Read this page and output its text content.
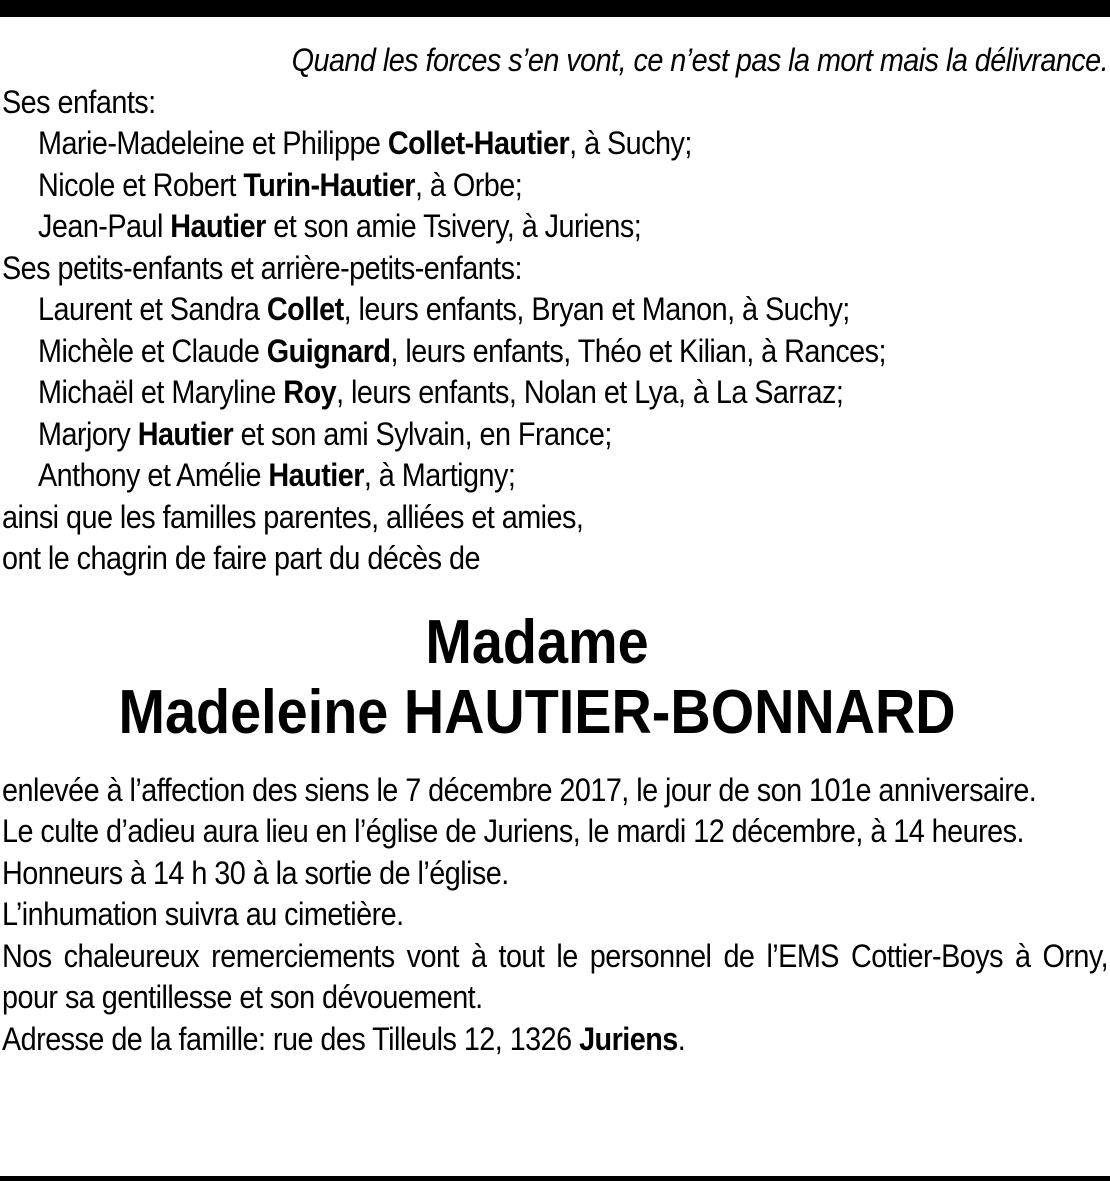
Quand les forces s’en vont, ce n’est pas la mort mais la délivrance.
Ses enfants:
Marie-Madeleine et Philippe Collet-Hautier, à Suchy;
Nicole et Robert Turin-Hautier, à Orbe;
Jean-Paul Hautier et son amie Tsivery, à Juriens;
Ses petits-enfants et arrière-petits-enfants:
Laurent et Sandra Collet, leurs enfants, Bryan et Manon, à Suchy;
Michèle et Claude Guignard, leurs enfants, Théo et Kilian, à Rances;
Michaël et Maryline Roy, leurs enfants, Nolan et Lya, à La Sarraz;
Marjory Hautier et son ami Sylvain, en France;
Anthony et Amélie Hautier, à Martigny;
ainsi que les familles parentes, alliées et amies,
ont le chagrin de faire part du décès de
Madame
Madeleine HAUTIER-BONNARD
enlevée à l’affection des siens le 7 décembre 2017, le jour de son 101e anniversaire.
Le culte d’adieu aura lieu en l’église de Juriens, le mardi 12 décembre, à 14 heures.
Honneurs à 14 h 30 à la sortie de l’église.
L’inhumation suivra au cimetière.
Nos chaleureux remerciements vont à tout le personnel de l’EMS Cottier-Boys à Orny, pour sa gentillesse et son dévouement.
Adresse de la famille: rue des Tilleuls 12, 1326 Juriens.
